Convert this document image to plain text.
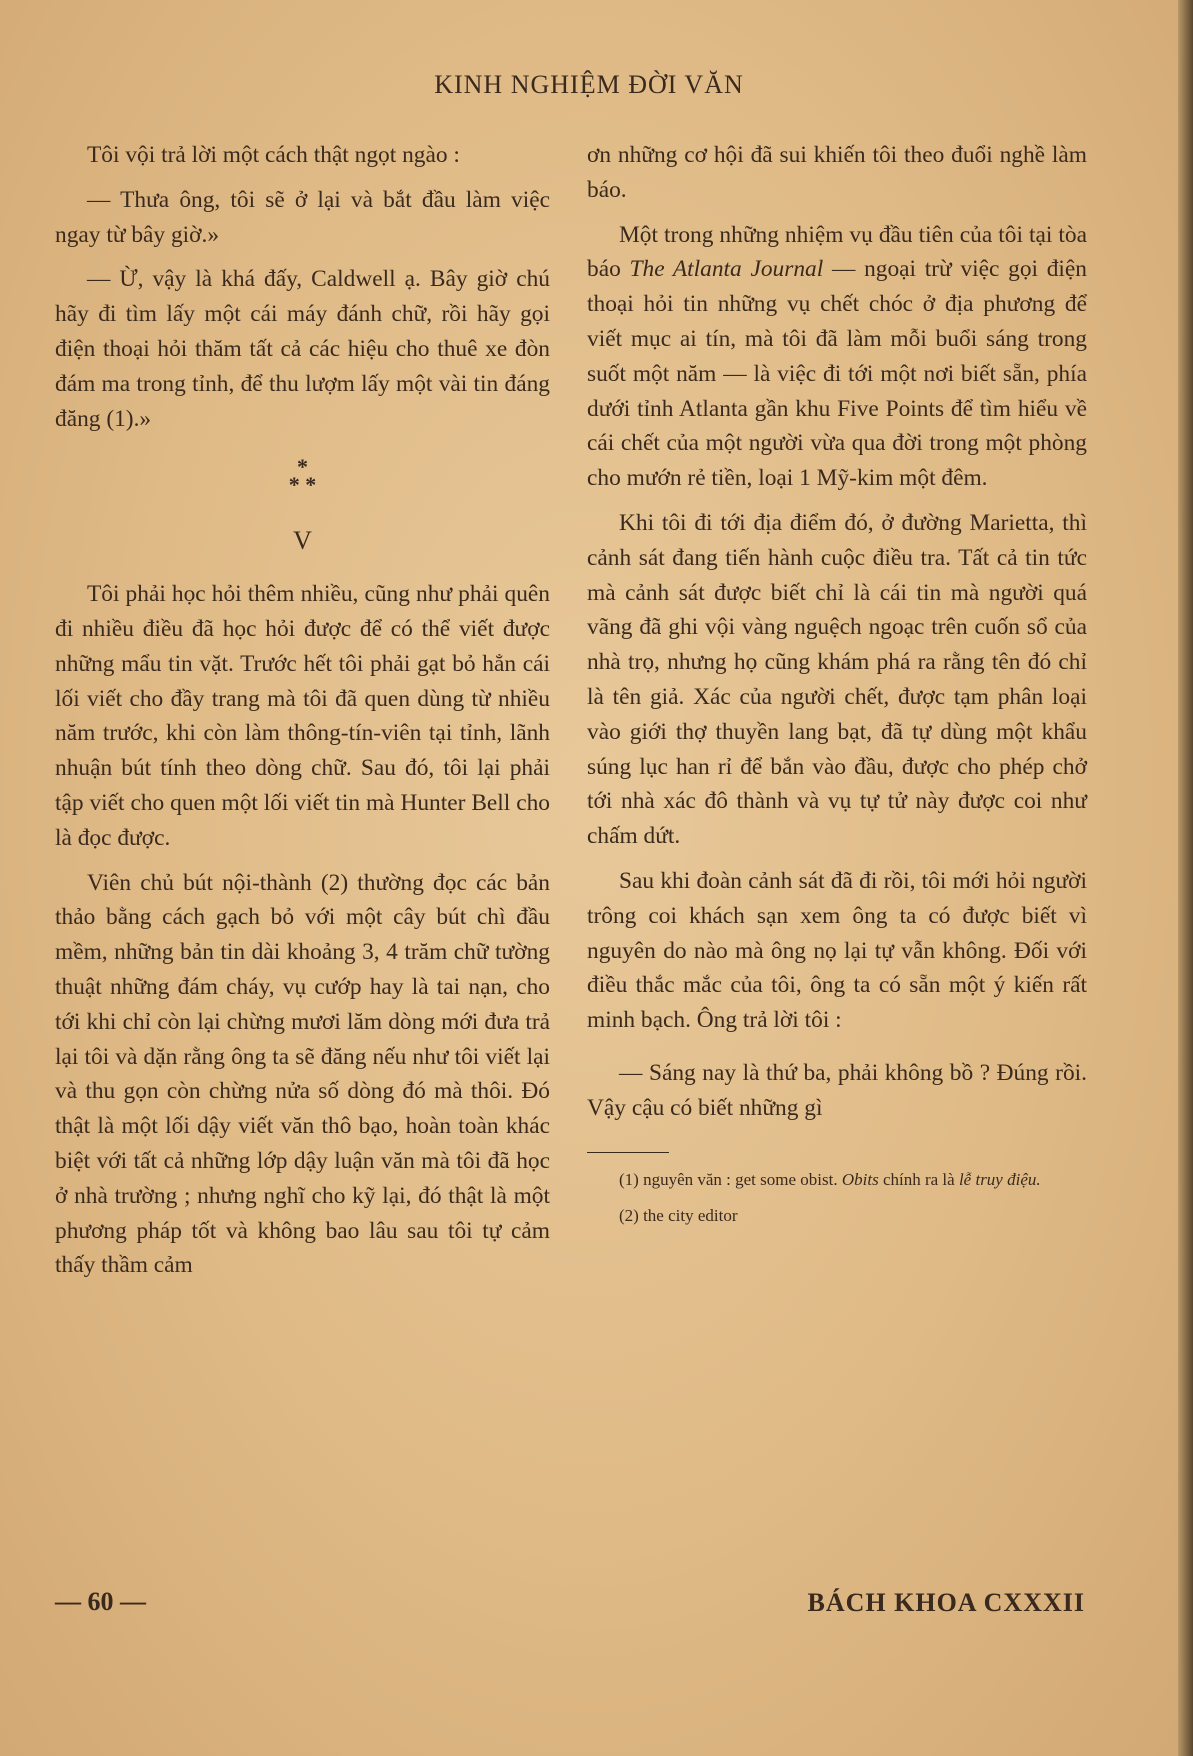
KINH NGHIỆM ĐỜI VĂN

Tôi vội trả lời một cách thật ngọt ngào :

— Thưa ông, tôi sẽ ở lại và bắt đầu làm việc ngay từ bây giờ.»

— Ừ, vậy là khá đấy, Caldwell ạ. Bây giờ chú hãy đi tìm lấy một cái máy đánh chữ, rồi hãy gọi điện thoại hỏi thăm tất cả các hiệu cho thuê xe đòn đám ma trong tỉnh, để thu lượm lấy một vài tin đáng đăng (1).»

*
* *
V

Tôi phải học hỏi thêm nhiều, cũng như phải quên đi nhiều điều đã học hỏi được để có thể viết được những mẩu tin vặt. Trước hết tôi phải gạt bỏ hẳn cái lối viết cho đầy trang mà tôi đã quen dùng từ nhiều năm trước, khi còn làm thông-tín-viên tại tỉnh, lãnh nhuận bút tính theo dòng chữ. Sau đó, tôi lại phải tập viết cho quen một lối viết tin mà Hunter Bell cho là đọc được.

Viên chủ bút nội-thành (2) thường đọc các bản thảo bằng cách gạch bỏ với một cây bút chì đầu mềm, những bản tin dài khoảng 3, 4 trăm chữ tường thuật những đám cháy, vụ cướp hay là tai nạn, cho tới khi chỉ còn lại chừng mươi lăm dòng mới đưa trả lại tôi và dặn rằng ông ta sẽ đăng nếu như tôi viết lại và thu gọn còn chừng nửa số dòng đó mà thôi. Đó thật là một lối dậy viết văn thô bạo, hoàn toàn khác biệt với tất cả những lớp dậy luận văn mà tôi đã học ở nhà trường ; nhưng nghĩ cho kỹ lại, đó thật là một phương pháp tốt và không bao lâu sau tôi tự cảm thấy thầm cảm

ơn những cơ hội đã sui khiến tôi theo đuổi nghề làm báo.

Một trong những nhiệm vụ đầu tiên của tôi tại tòa báo The Atlanta Journal — ngoại trừ việc gọi điện thoại hỏi tin những vụ chết chóc ở địa phương để viết mục ai tín, mà tôi đã làm mỗi buổi sáng trong suốt một năm — là việc đi tới một nơi biết sẵn, phía dưới tỉnh Atlanta gần khu Five Points để tìm hiểu về cái chết của một người vừa qua đời trong một phòng cho mướn rẻ tiền, loại 1 Mỹ-kim một đêm.

Khi tôi đi tới địa điểm đó, ở đường Marietta, thì cảnh sát đang tiến hành cuộc điều tra. Tất cả tin tức mà cảnh sát được biết chỉ là cái tin mà người quá vãng đã ghi vội vàng nguệch ngoạc trên cuốn sổ của nhà trọ, nhưng họ cũng khám phá ra rằng tên đó chỉ là tên giả. Xác của người chết, được tạm phân loại vào giới thợ thuyền lang bạt, đã tự dùng một khẩu súng lục han rỉ để bắn vào đầu, được cho phép chở tới nhà xác đô thành và vụ tự tử này được coi như chấm dứt.

Sau khi đoàn cảnh sát đã đi rồi, tôi mới hỏi người trông coi khách sạn xem ông ta có được biết vì nguyên do nào mà ông nọ lại tự vẫn không. Đối với điều thắc mắc của tôi, ông ta có sẵn một ý kiến rất minh bạch. Ông trả lời tôi :

— Sáng nay là thứ ba, phải không bồ ? Đúng rồi. Vậy cậu có biết những gì

(1) nguyên văn : get some obist. Obits chính ra là lễ truy điệu.

(2) the city editor

— 60 —	BÁCH KHOA CXXXII
